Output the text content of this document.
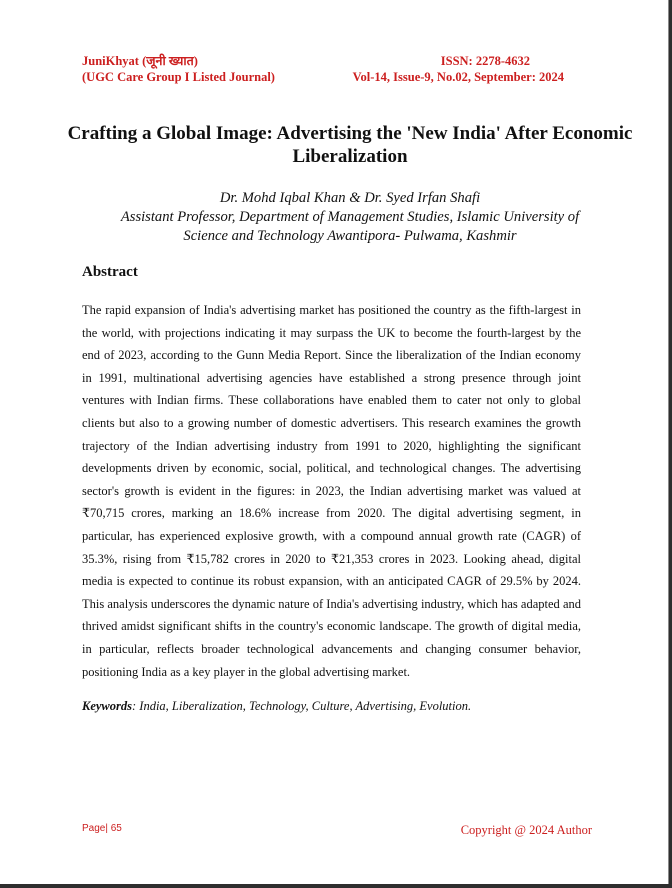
JuniKhyat (जूनी ख्यात)
(UGC Care Group I Listed Journal)
ISSN: 2278-4632
Vol-14, Issue-9, No.02, September: 2024
Crafting a Global Image: Advertising the 'New India' After Economic Liberalization
Dr. Mohd Iqbal Khan & Dr. Syed Irfan Shafi
Assistant Professor, Department of Management Studies, Islamic University of
Science and Technology Awantipora- Pulwama, Kashmir
Abstract

The rapid expansion of India's advertising market has positioned the country as the fifth-largest in the world, with projections indicating it may surpass the UK to become the fourth-largest by the end of 2023, according to the Gunn Media Report. Since the liberalization of the Indian economy in 1991, multinational advertising agencies have established a strong presence through joint ventures with Indian firms. These collaborations have enabled them to cater not only to global clients but also to a growing number of domestic advertisers. This research examines the growth trajectory of the Indian advertising industry from 1991 to 2020, highlighting the significant developments driven by economic, social, political, and technological changes. The advertising sector's growth is evident in the figures: in 2023, the Indian advertising market was valued at ₹70,715 crores, marking an 18.6% increase from 2020. The digital advertising segment, in particular, has experienced explosive growth, with a compound annual growth rate (CAGR) of 35.3%, rising from ₹15,782 crores in 2020 to ₹21,353 crores in 2023. Looking ahead, digital media is expected to continue its robust expansion, with an anticipated CAGR of 29.5% by 2024. This analysis underscores the dynamic nature of India's advertising industry, which has adapted and thrived amidst significant shifts in the country's economic landscape. The growth of digital media, in particular, reflects broader technological advancements and changing consumer behavior, positioning India as a key player in the global advertising market.

Keywords: India, Liberalization, Technology, Culture, Advertising, Evolution.
Page| 65	Copyright @ 2024 Author
